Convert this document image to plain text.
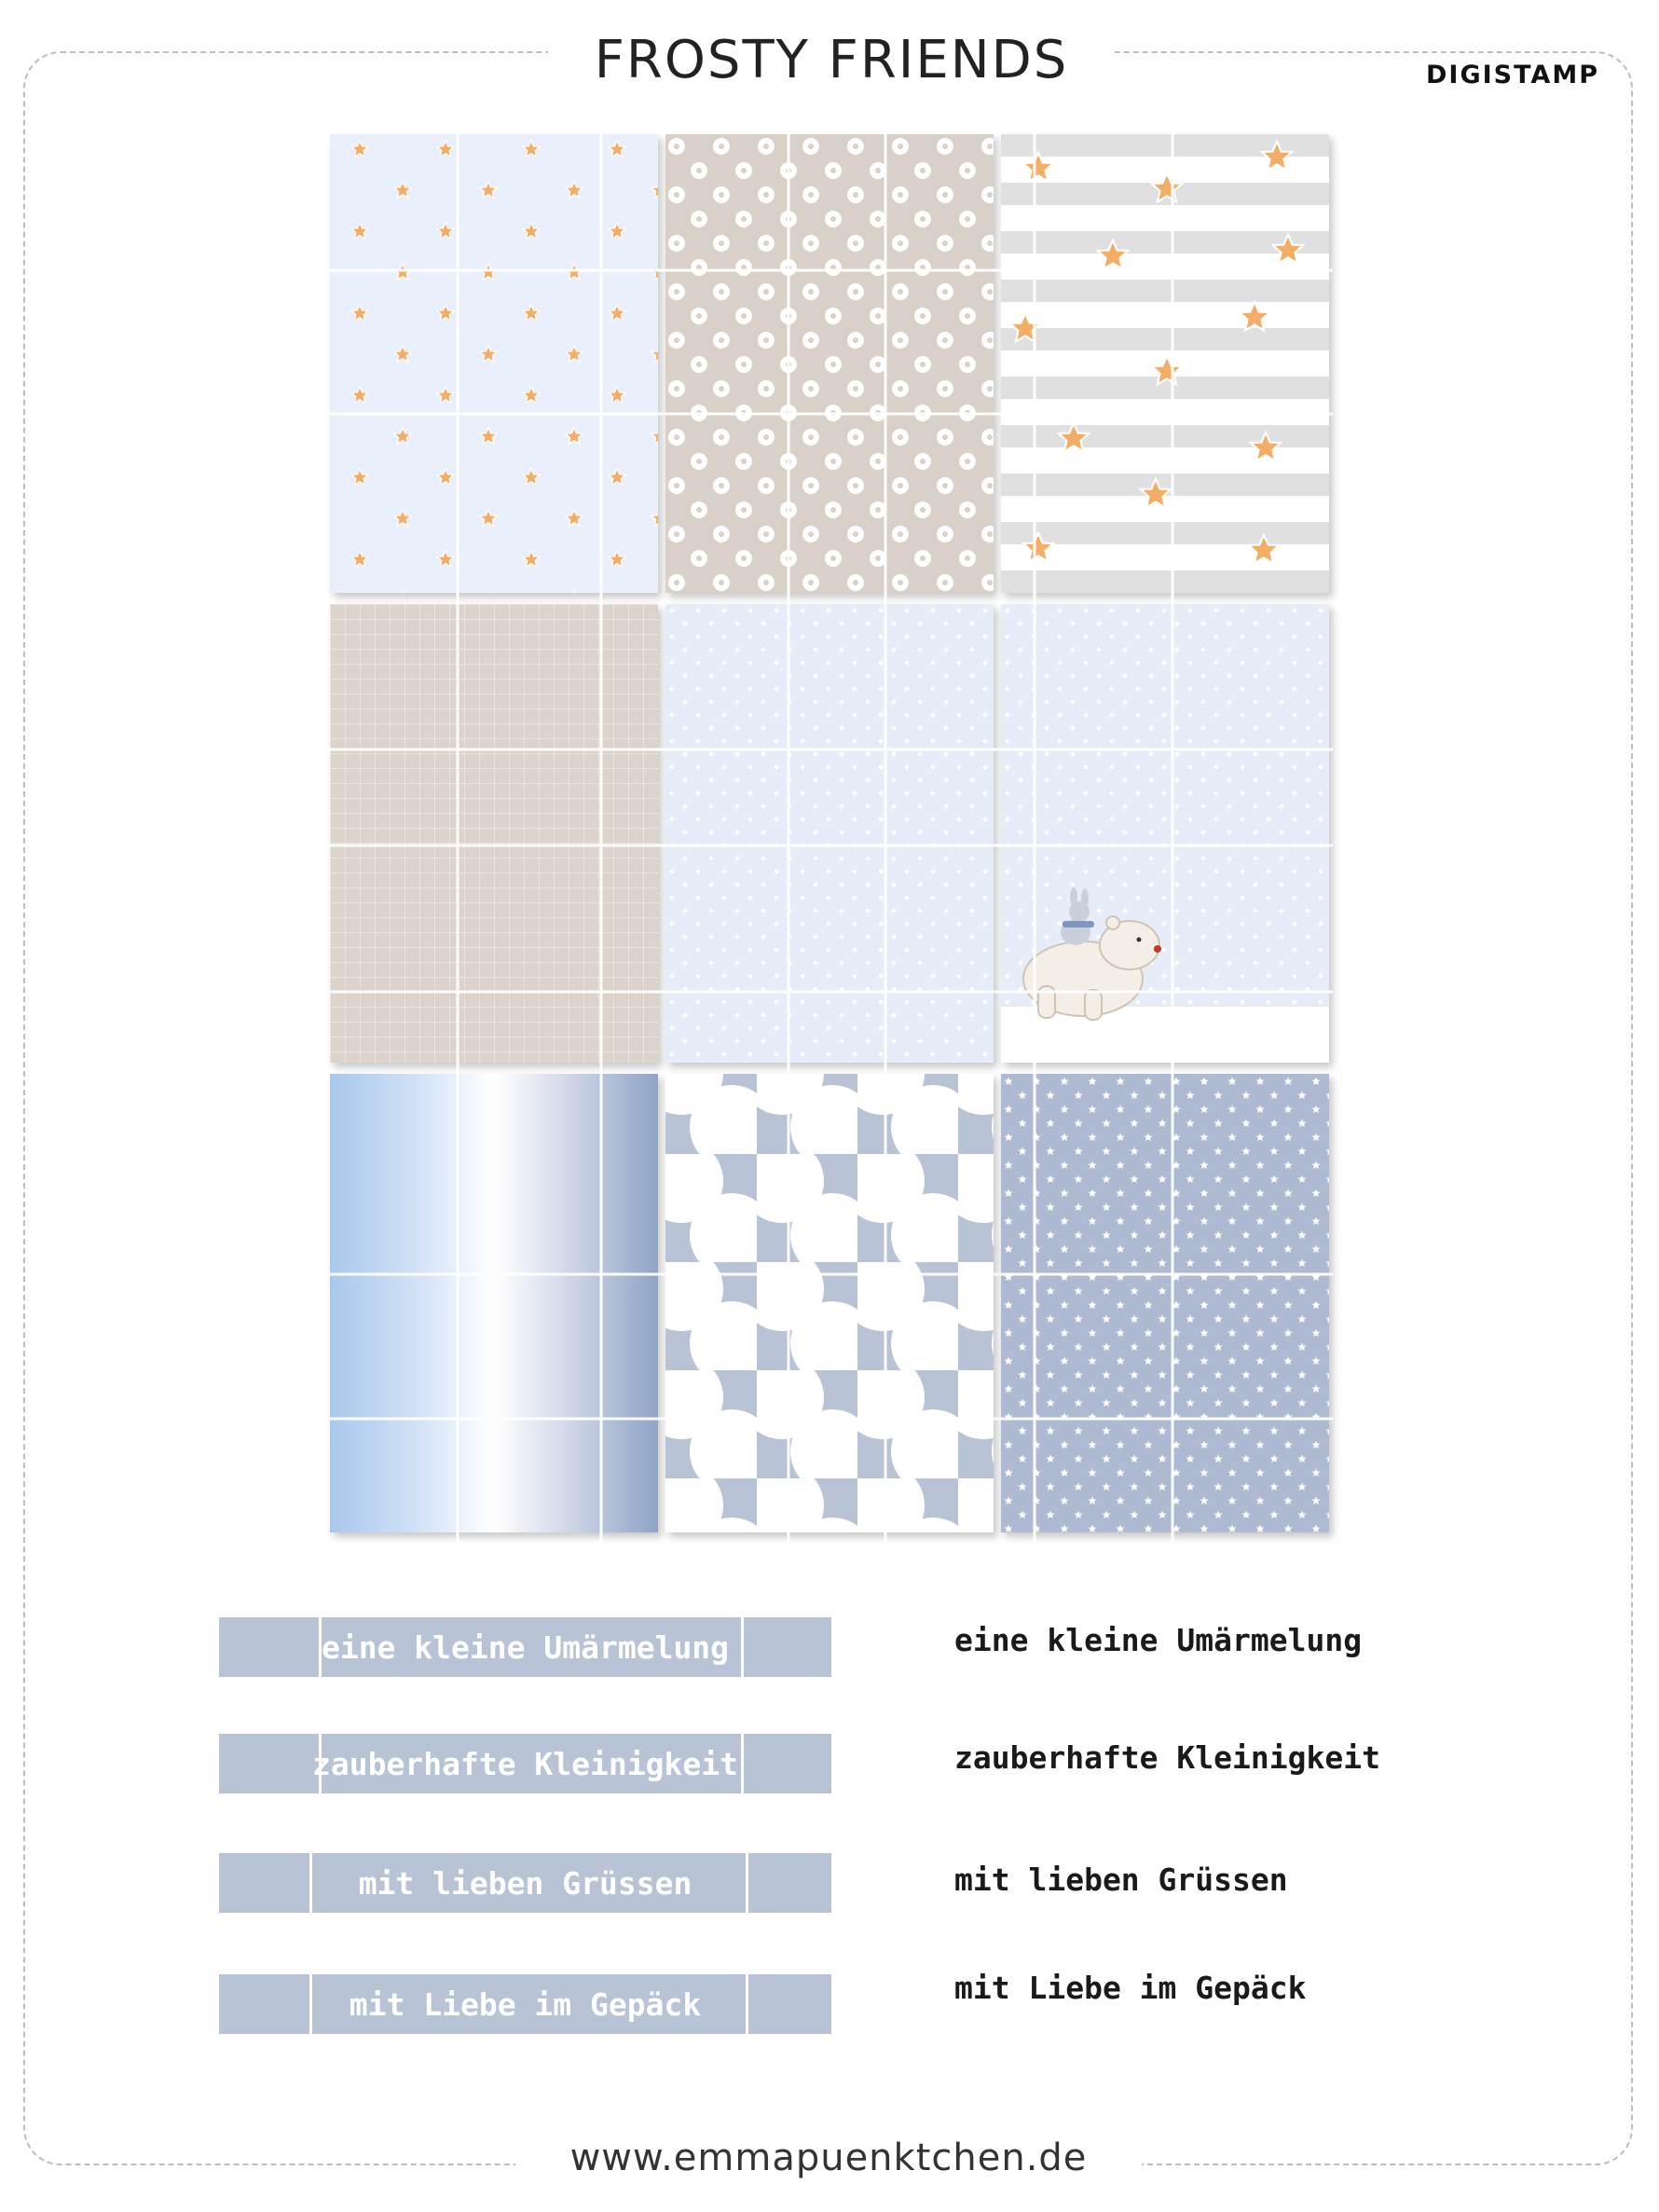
FROSTY FRIENDS	DIGISTAMP
eine kleine Umärmelung
zauberhafte Kleinigkeit
mit lieben Grüssen
mit Liebe im Gepäck
eine kleine Umärmelung
zauberhafte Kleinigkeit
mit lieben Grüssen
mit Liebe im Gepäck
www.emmapuenktchen.de
